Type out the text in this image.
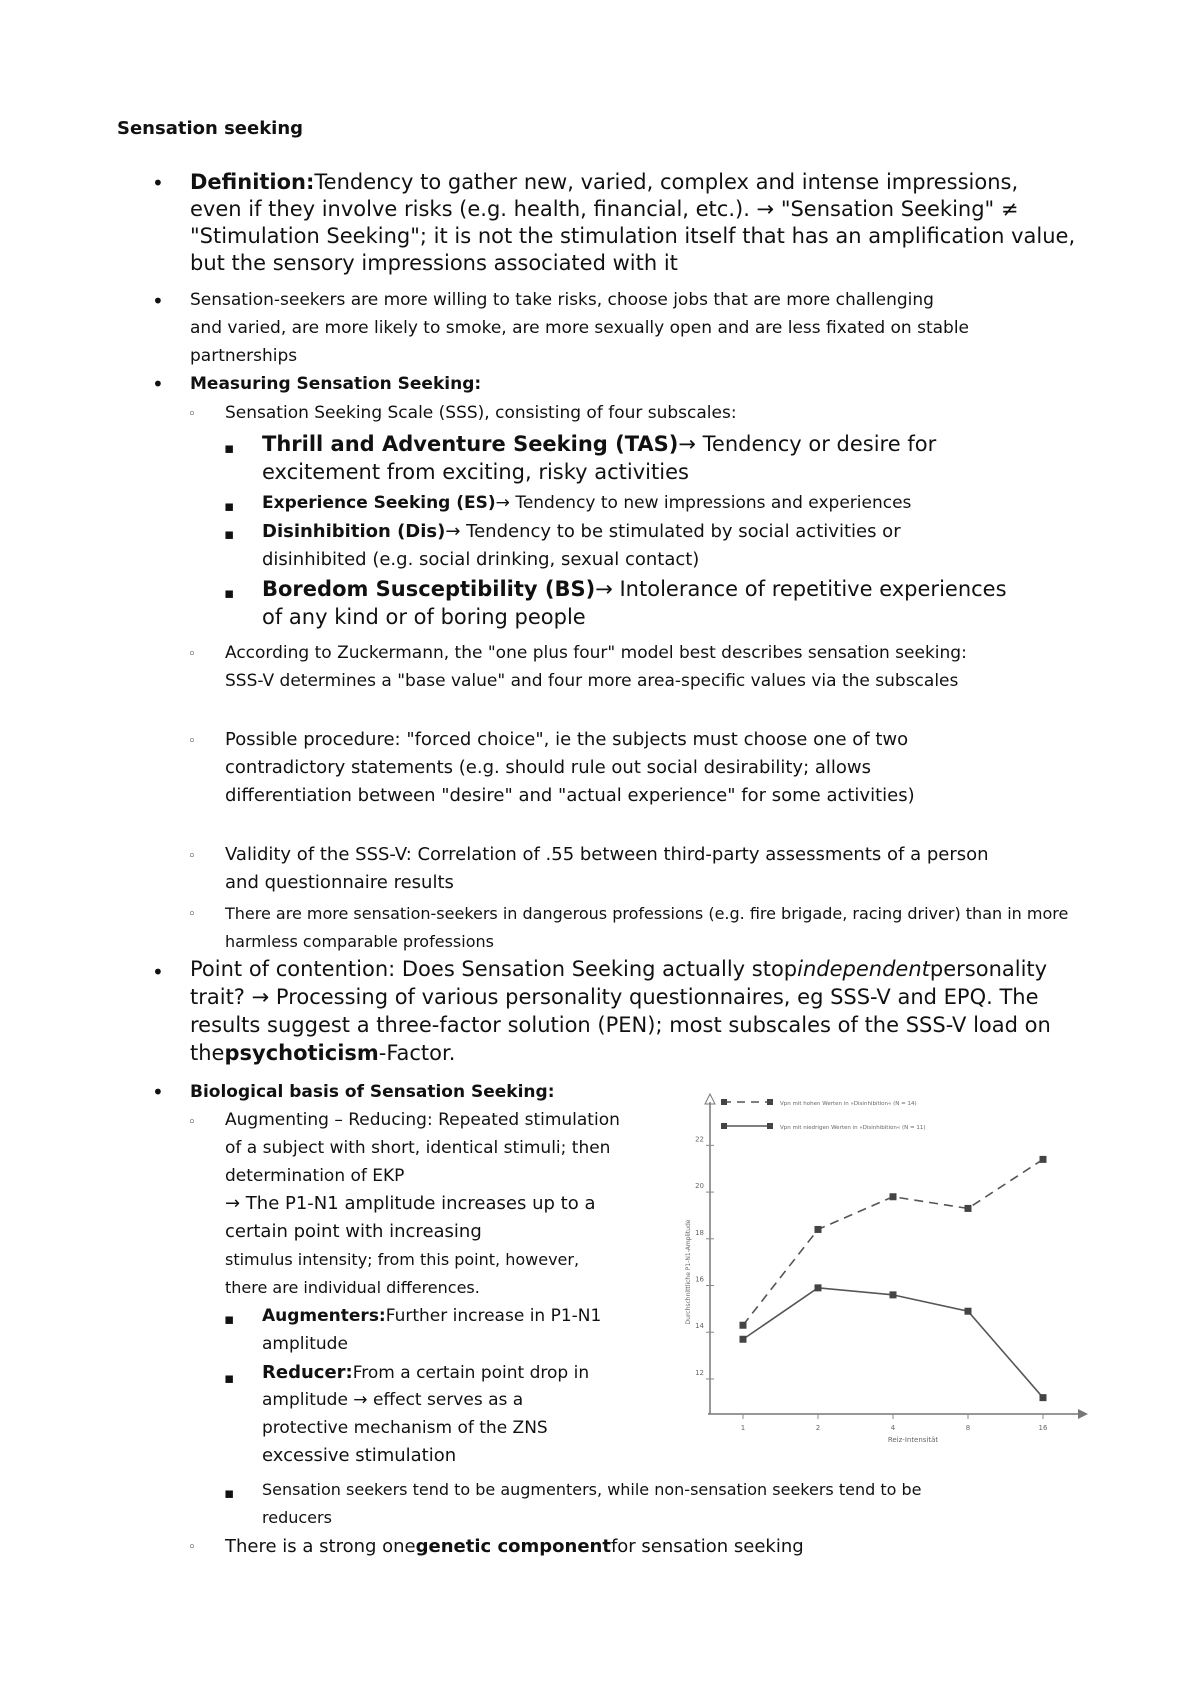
Sensation seeking
• Definition:Tendency to gather new, varied, complex and intense impressions,
even if they involve risks (e.g. health, financial, etc.). → "Sensation Seeking" ≠
"Stimulation Seeking"; it is not the stimulation itself that has an amplification value,
but the sensory impressions associated with it
• Sensation-seekers are more willing to take risks, choose jobs that are more challenging
and varied, are more likely to smoke, are more sexually open and are less fixated on stable
partnerships
• Measuring Sensation Seeking:
◦ Sensation Seeking Scale (SSS), consisting of four subscales:
▪ Thrill and Adventure Seeking (TAS)→ Tendency or desire for
excitement from exciting, risky activities
▪ Experience Seeking (ES)→ Tendency to new impressions and experiences
▪ Disinhibition (Dis)→ Tendency to be stimulated by social activities or
disinhibited (e.g. social drinking, sexual contact)
▪ Boredom Susceptibility (BS)→ Intolerance of repetitive experiences
of any kind or of boring people
◦ According to Zuckermann, the "one plus four" model best describes sensation seeking:
SSS-V determines a "base value" and four more area-specific values via the subscales
◦ Possible procedure: "forced choice", ie the subjects must choose one of two
contradictory statements (e.g. should rule out social desirability; allows
differentiation between "desire" and "actual experience" for some activities)
◦ Validity of the SSS-V: Correlation of .55 between third-party assessments of a person
and questionnaire results
◦ There are more sensation-seekers in dangerous professions (e.g. fire brigade, racing driver) than in more
harmless comparable professions
• Point of contention: Does Sensation Seeking actually stopindependentpersonality
trait? → Processing of various personality questionnaires, eg SSS-V and EPQ. The
results suggest a three-factor solution (PEN); most subscales of the SSS-V load on
thepsychoticism-Factor.
• Biological basis of Sensation Seeking:
◦ Augmenting – Reducing: Repeated stimulation
of a subject with short, identical stimuli; then
determination of EKP
→ The P1-N1 amplitude increases up to a
certain point with increasing
stimulus intensity; from this point, however,
there are individual differences.
▪ Augmenters:Further increase in P1-N1
amplitude
▪ Reducer:From a certain point drop in
amplitude → effect serves as a
protective mechanism of the ZNS
excessive stimulation
▪ Sensation seekers tend to be augmenters, while non-sensation seekers tend to be
reducers
◦ There is a strong onegenetic componentfor sensation seeking
12
14
16
18
20
22
1	2	4	8	16
Reiz-Intensität
Durchschnittliche P1-N1-Amplitude
Vpn mit hohen Werten in »Disinhibition« (N = 14)
Vpn mit niedrigen Werten in »Disinhibition« (N = 11)
